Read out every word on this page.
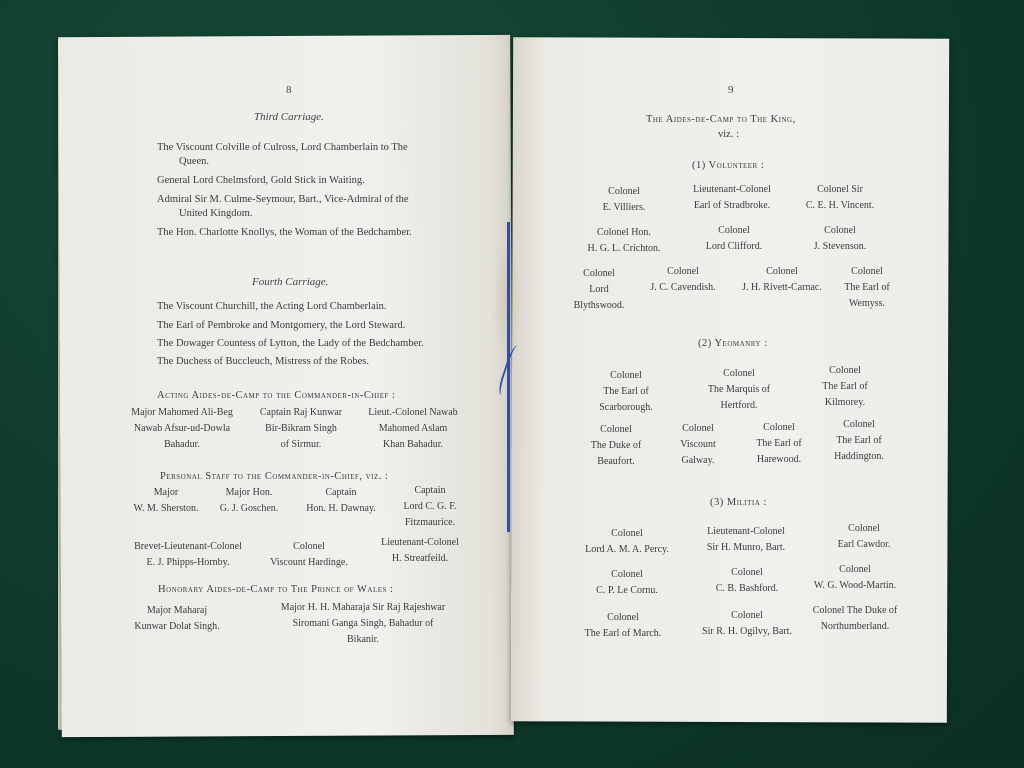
8
Third Carriage.
The Viscount Colville of Culross, Lord Chamberlain to The
Queen.
General Lord Chelmsford, Gold Stick in Waiting.
Admiral Sir M. Culme-Seymour, Bart., Vice-Admiral of the
United Kingdom.
The Hon. Charlotte Knollys, the Woman of the Bedchamber.
Fourth Carriage.
The Viscount Churchill, the Acting Lord Chamberlain.
The Earl of Pembroke and Montgomery, the Lord Steward.
The Dowager Countess of Lytton, the Lady of the Bedchamber.
The Duchess of Buccleuch, Mistress of the Robes.
Acting Aides-de-Camp to the Commander-in-Chief :
Major Mahomed Ali-Beg
Nawab Afsur-ud-Dowla
Bahadur.
Captain Raj Kunwar
Bir-Bikram Singh
of Sirmur.
Lieut.-Colonel Nawab
Mahomed Aslam
Khan Bahadur.
Personal Staff to the Commander-in-Chief, viz. :
Major
W. M. Sherston.
Major Hon.
G. J. Goschen.
Captain
Hon. H. Dawnay.
Captain
Lord C. G. F.
Fitzmaurice.
Brevet-Lieutenant-Colonel
E. J. Phipps-Hornby.
Colonel
Viscount Hardinge.
Lieutenant-Colonel
H. Streatfeild.
Honorary Aides-de-Camp to The Prince of Wales :
Major Maharaj
Kunwar Dolat Singh.
Major H. H. Maharaja Sir Raj Rajeshwar
Siromani Ganga Singh, Bahadur of
Bikanir.
9
The Aides-de-Camp to The King,
viz. :
(1) Volunteer :
Colonel
E. Villiers.
Lieutenant-Colonel
Earl of Stradbroke.
Colonel Sir
C. E. H. Vincent.
Colonel Hon.
H. G. L. Crichton.
Colonel
Lord Clifford.
Colonel
J. Stevenson.
Colonel
Lord
Blythswood.
Colonel
J. C. Cavendish.
Colonel
J. H. Rivett-Carnac.
Colonel
The Earl of
Wemyss.
(2) Yeomanry :
Colonel
The Earl of
Scarborough.
Colonel
The Marquis of
Hertford.
Colonel
The Earl of
Kilmorey.
Colonel
The Duke of
Beaufort.
Colonel
Viscount
Galway.
Colonel
The Earl of
Harewood.
Colonel
The Earl of
Haddington.
(3) Militia :
Colonel
Lord A. M. A. Percy.
Lieutenant-Colonel
Sir H. Munro, Bart.
Colonel
Earl Cawdor.
Colonel
C. P. Le Cornu.
Colonel
C. B. Bashford.
Colonel
W. G. Wood-Martin.
Colonel
The Earl of March.
Colonel
Sir R. H. Ogilvy, Bart.
Colonel The Duke of
Northumberland.
